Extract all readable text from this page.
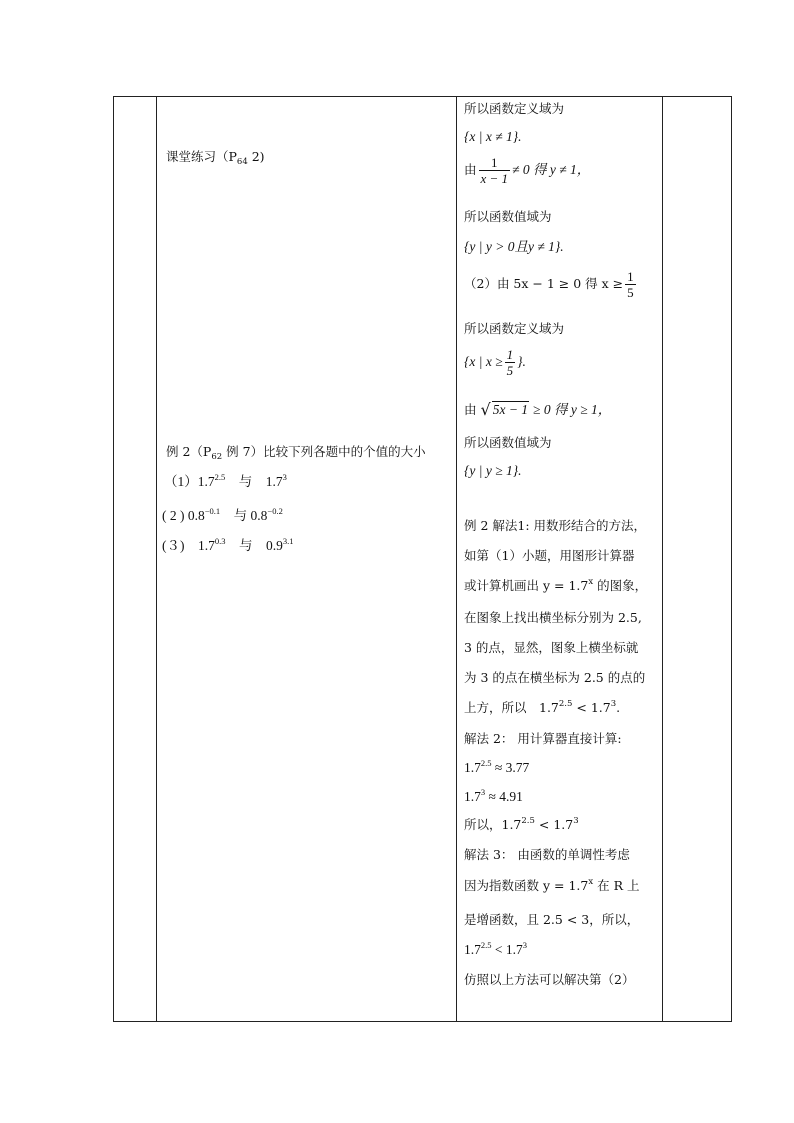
课堂练习（$P_{64}$ 2)
例 $2(P_{62}$ 例 7）比较下列各题中的个值的大小
$(1)1.7^{2.5}$　与　$1.7^3$
( 2 ) $0.8^{-0.1}$　与 $0.8^{-0.2}$
(３)　$1.7^{0.3}$　与　$0.9^{3.1}$
所以函数定义域为
{x | x ≠ 1}.
由 $\frac{1}{x - 1} \ne 0$ 得 y ≠ 1，
所以函数值域为
{y | y > 0且y ≠ 1}.
（2）由 5x − 1 ≥ 0 得 $x \ge \frac{1}{5}$
所以函数定义域为
{x | $x \ge \frac{1}{5}$ }.
由 √ 5x − 1 ≥ 0 得 y ≥ 1，
所以函数值域为
{y | y ≥ 1}.
例 2 解法1: 用数形结合的方法，
如第（1）小题，用图形计算器
或计算机画出 $y = 1.7^x$ 的图象，
在图象上找出横坐标分别为 2.5,
3 的点，显然，图象上横坐标就
为 3 的点在横坐标为 2.5 的点的
上方，所以　$1.7^{2.5} < 1.7^3$.
解法 2： 用计算器直接计算:
$1.7^{2.5} \approx 3.77$
$1.7^3 \approx 4.91$
所以，$1.7^{2.5} < 1.7^3$
解法 3： 由函数的单调性考虑
因为指数函数 $y = 1.7^x$ 在 R 上
是增函数，且 2.5 < 3，所以，
$1.7^{2.5} < 1.7^3$
仿照以上方法可以解决第（2）
